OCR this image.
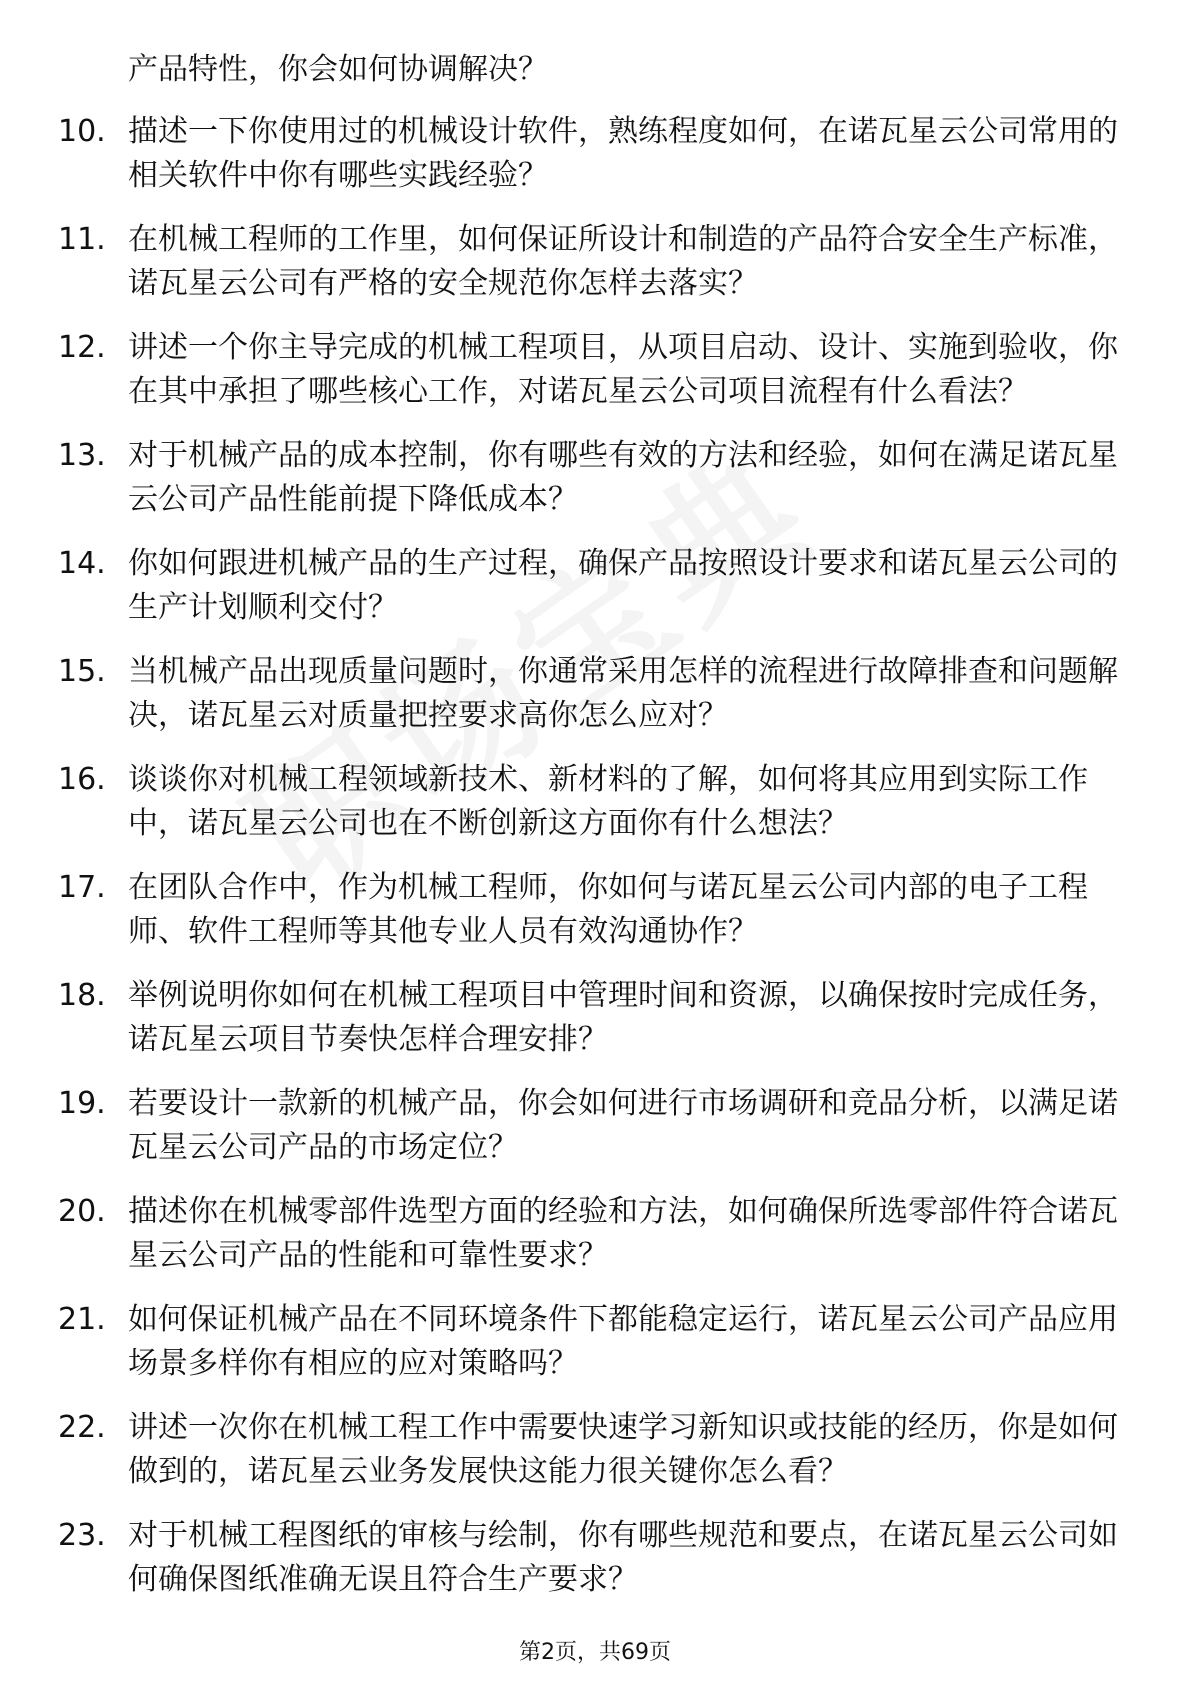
产品特性，你会如何协调解决？
10. 描述一下你使用过的机械设计软件，熟练程度如何，在诺瓦星云公司常用的相关软件中你有哪些实践经验？
11. 在机械工程师的工作里，如何保证所设计和制造的产品符合安全生产标准，诺瓦星云公司有严格的安全规范你怎样去落实？
12. 讲述一个你主导完成的机械工程项目，从项目启动、设计、实施到验收，你在其中承担了哪些核心工作，对诺瓦星云公司项目流程有什么看法？
13. 对于机械产品的成本控制，你有哪些有效的方法和经验，如何在满足诺瓦星云公司产品性能前提下降低成本？
14. 你如何跟进机械产品的生产过程，确保产品按照设计要求和诺瓦星云公司的生产计划顺利交付？
15. 当机械产品出现质量问题时，你通常采用怎样的流程进行故障排查和问题解决，诺瓦星云对质量把控要求高你怎么应对？
16. 谈谈你对机械工程领域新技术、新材料的了解，如何将其应用到实际工作中，诺瓦星云公司也在不断创新这方面你有什么想法？
17. 在团队合作中，作为机械工程师，你如何与诺瓦星云公司内部的电子工程师、软件工程师等其他专业人员有效沟通协作？
18. 举例说明你如何在机械工程项目中管理时间和资源，以确保按时完成任务，诺瓦星云项目节奏快怎样合理安排？
19. 若要设计一款新的机械产品，你会如何进行市场调研和竞品分析，以满足诺瓦星云公司产品的市场定位？
20. 描述你在机械零部件选型方面的经验和方法，如何确保所选零部件符合诺瓦星云公司产品的性能和可靠性要求？
21. 如何保证机械产品在不同环境条件下都能稳定运行，诺瓦星云公司产品应用场景多样你有相应的应对策略吗？
22. 讲述一次你在机械工程工作中需要快速学习新知识或技能的经历，你是如何做到的，诺瓦星云业务发展快这能力很关键你怎么看？
23. 对于机械工程图纸的审核与绘制，你有哪些规范和要点，在诺瓦星云公司如何确保图纸准确无误且符合生产要求？
第2页，共69页
